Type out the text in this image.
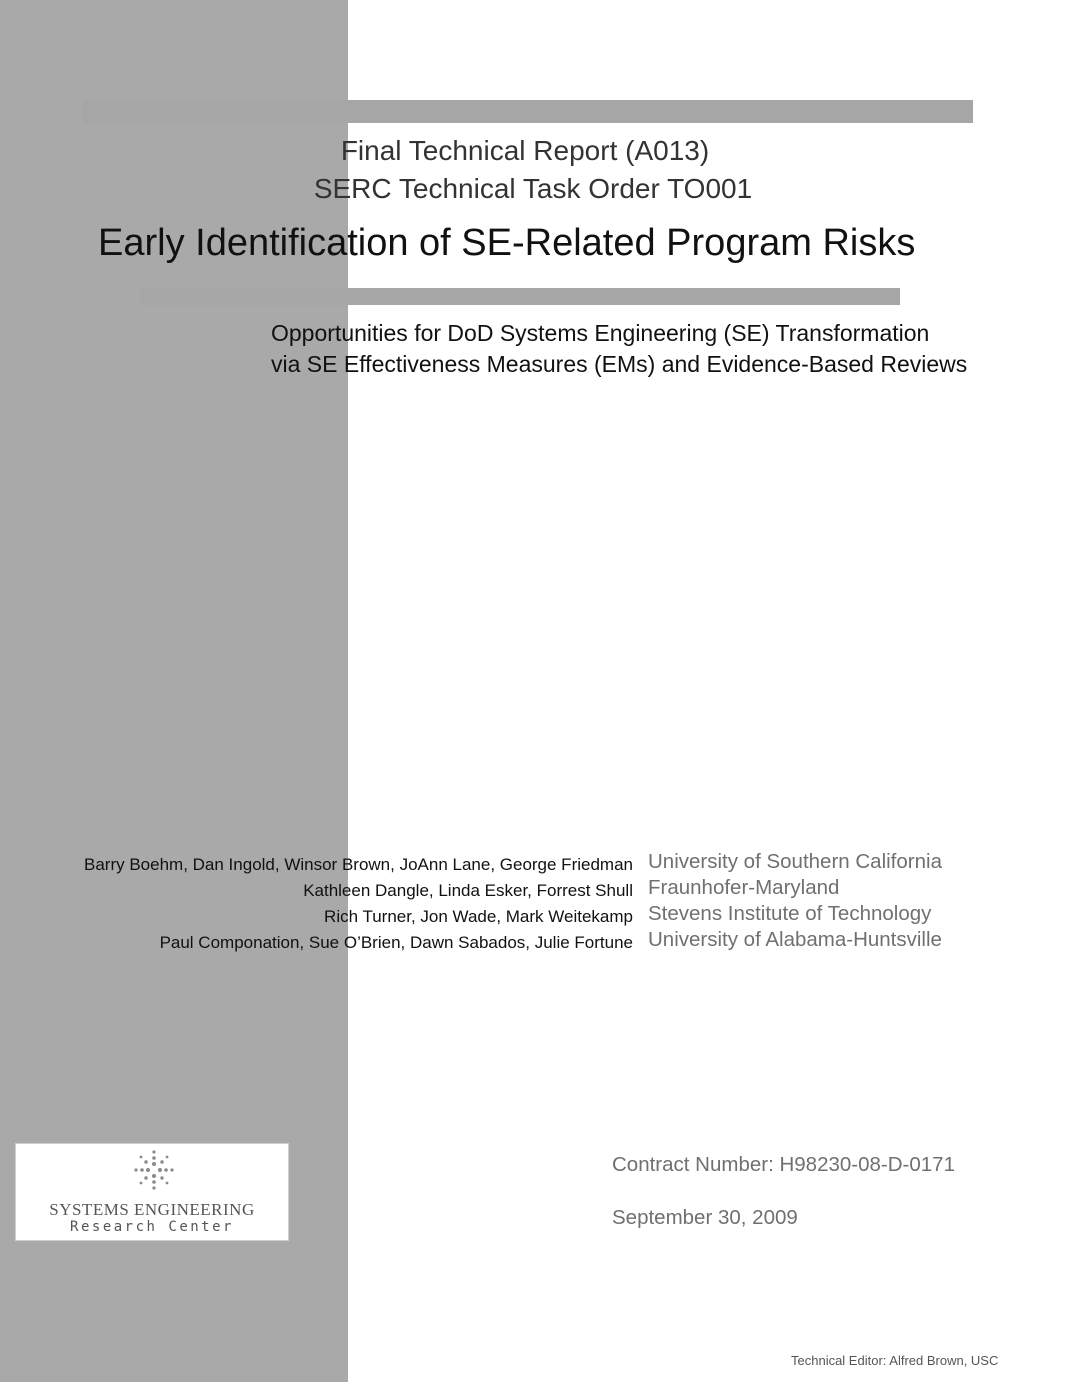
Final Technical Report (A013)
SERC Technical Task Order TO001
Early Identification of SE-Related Program Risks
Opportunities for DoD Systems Engineering (SE) Transformation
via SE Effectiveness Measures (EMs) and Evidence-Based Reviews
Barry Boehm, Dan Ingold, Winsor Brown, JoAnn Lane, George Friedman
Kathleen Dangle, Linda Esker, Forrest Shull
Rich Turner, Jon Wade, Mark Weitekamp
Paul Componation, Sue O’Brien, Dawn Sabados, Julie Fortune
University of Southern California
Fraunhofer-Maryland
Stevens Institute of Technology
University of Alabama-Huntsville
SYSTEMS ENGINEERING
Research Center
Contract Number: H98230-08-D-0171
September 30, 2009
Technical Editor: Alfred Brown, USC
